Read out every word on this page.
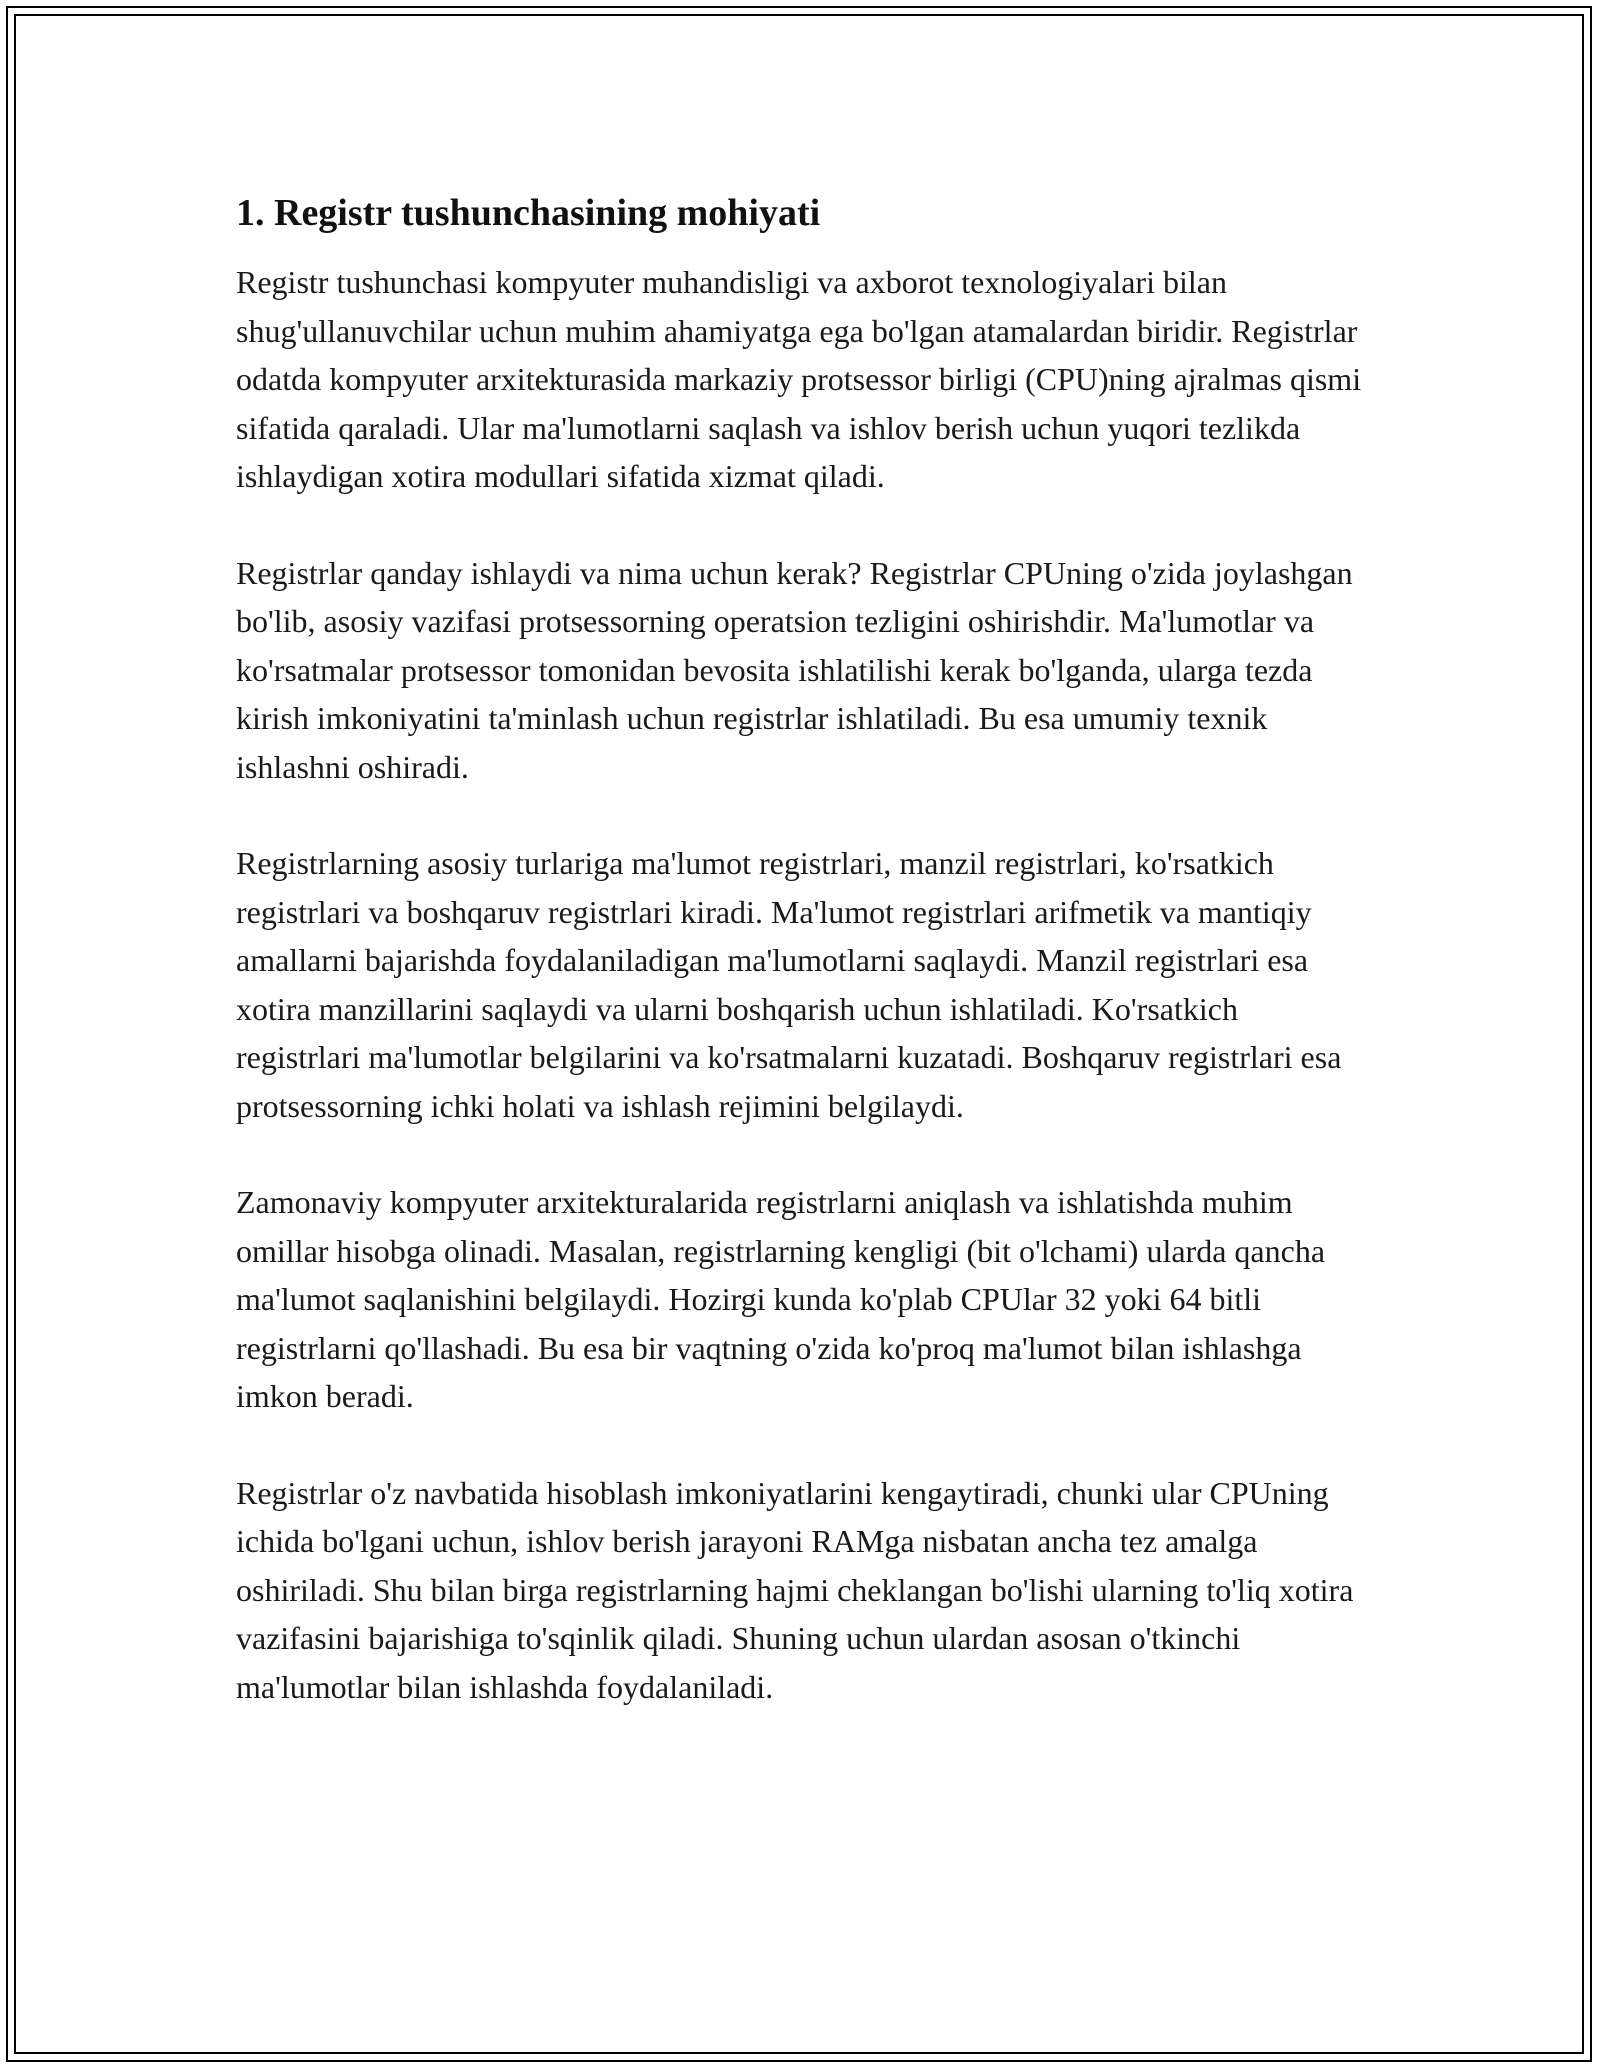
1. Registr tushunchasining mohiyati

Registr tushunchasi kompyuter muhandisligi va axborot texnologiyalari bilan shug'ullanuvchilar uchun muhim ahamiyatga ega bo'lgan atamalardan biridir. Registrlar odatda kompyuter arxitekturasida markaziy protsessor birligi (CPU)ning ajralmas qismi sifatida qaraladi. Ular ma'lumotlarni saqlash va ishlov berish uchun yuqori tezlikda ishlaydigan xotira modullari sifatida xizmat qiladi.

Registrlar qanday ishlaydi va nima uchun kerak? Registrlar CPUning o'zida joylashgan bo'lib, asosiy vazifasi protsessorning operatsion tezligini oshirishdir. Ma'lumotlar va ko'rsatmalar protsessor tomonidan bevosita ishlatilishi kerak bo'lganda, ularga tezda kirish imkoniyatini ta'minlash uchun registrlar ishlatiladi. Bu esa umumiy texnik ishlashni oshiradi.

Registrlarning asosiy turlariga ma'lumot registrlari, manzil registrlari, ko'rsatkich registrlari va boshqaruv registrlari kiradi. Ma'lumot registrlari arifmetik va mantiqiy amallarni bajarishda foydalaniladigan ma'lumotlarni saqlaydi. Manzil registrlari esa xotira manzillarini saqlaydi va ularni boshqarish uchun ishlatiladi. Ko'rsatkich registrlari ma'lumotlar belgilarini va ko'rsatmalarni kuzatadi. Boshqaruv registrlari esa protsessorning ichki holati va ishlash rejimini belgilaydi.

Zamonaviy kompyuter arxitekturalarida registrlarni aniqlash va ishlatishda muhim omillar hisobga olinadi. Masalan, registrlarning kengligi (bit o'lchami) ularda qancha ma'lumot saqlanishini belgilaydi. Hozirgi kunda ko'plab CPUlar 32 yoki 64 bitli registrlarni qo'llashadi. Bu esa bir vaqtning o'zida ko'proq ma'lumot bilan ishlashga imkon beradi.

Registrlar o'z navbatida hisoblash imkoniyatlarini kengaytiradi, chunki ular CPUning ichida bo'lgani uchun, ishlov berish jarayoni RAMga nisbatan ancha tez amalga oshiriladi. Shu bilan birga registrlarning hajmi cheklangan bo'lishi ularning to'liq xotira vazifasini bajarishiga to'sqinlik qiladi. Shuning uchun ulardan asosan o'tkinchi ma'lumotlar bilan ishlashda foydalaniladi.
